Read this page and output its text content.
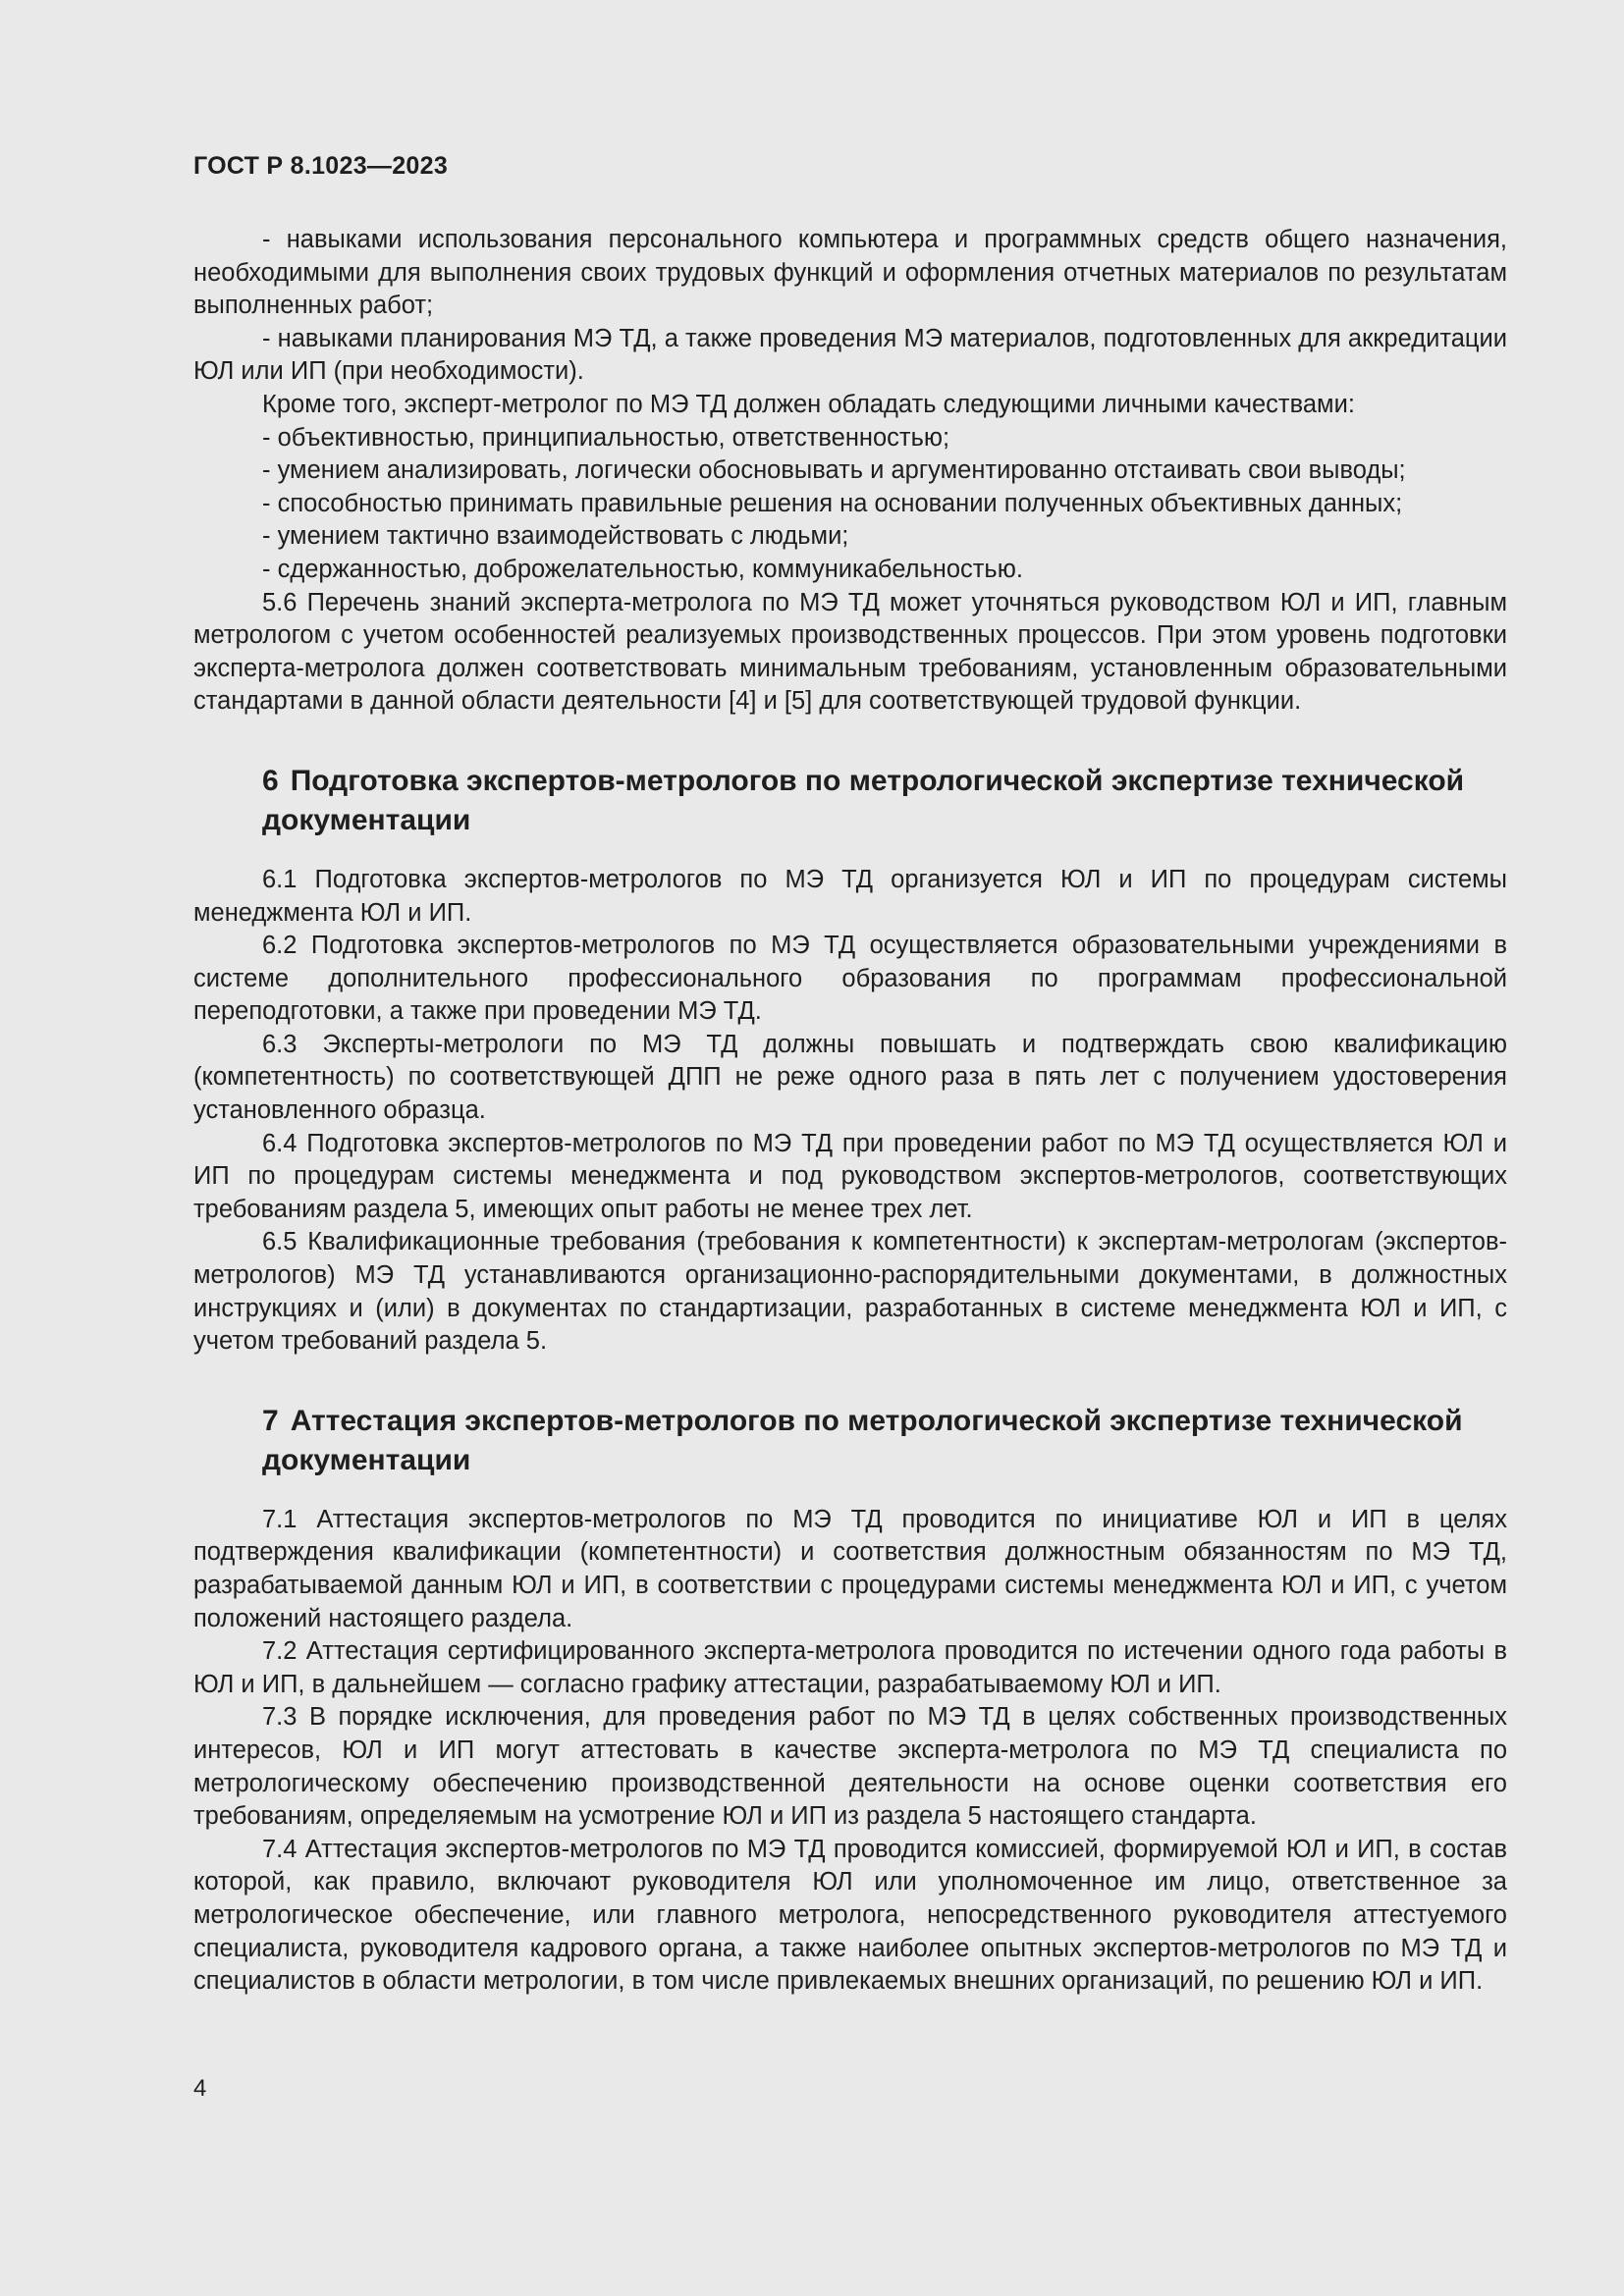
ГОСТ Р 8.1023—2023

- навыками использования персонального компьютера и программных средств общего назначения, необходимыми для выполнения своих трудовых функций и оформления отчетных материалов по результатам выполненных работ;

- навыками планирования МЭ ТД, а также проведения МЭ материалов, подготовленных для аккредитации ЮЛ или ИП (при необходимости).

Кроме того, эксперт-метролог по МЭ ТД должен обладать следующими личными качествами:

- объективностью, принципиальностью, ответственностью;

- умением анализировать, логически обосновывать и аргументированно отстаивать свои выводы;

- способностью принимать правильные решения на основании полученных объективных данных;

- умением тактично взаимодействовать с людьми;

- сдержанностью, доброжелательностью, коммуникабельностью.

5.6 Перечень знаний эксперта-метролога по МЭ ТД может уточняться руководством ЮЛ и ИП, главным метрологом с учетом особенностей реализуемых производственных процессов. При этом уровень подготовки эксперта-метролога должен соответствовать минимальным требованиям, установленным образовательными стандартами в данной области деятельности [4] и [5] для соответствующей трудовой функции.

6 Подготовка экспертов-метрологов по метрологической экспертизе технической документации

6.1 Подготовка экспертов-метрологов по МЭ ТД организуется ЮЛ и ИП по процедурам системы менеджмента ЮЛ и ИП.

6.2 Подготовка экспертов-метрологов по МЭ ТД осуществляется образовательными учреждениями в системе дополнительного профессионального образования по программам профессиональной переподготовки, а также при проведении МЭ ТД.

6.3 Эксперты-метрологи по МЭ ТД должны повышать и подтверждать свою квалификацию (компетентность) по соответствующей ДПП не реже одного раза в пять лет с получением удостоверения установленного образца.

6.4 Подготовка экспертов-метрологов по МЭ ТД при проведении работ по МЭ ТД осуществляется ЮЛ и ИП по процедурам системы менеджмента и под руководством экспертов-метрологов, соответствующих требованиям раздела 5, имеющих опыт работы не менее трех лет.

6.5 Квалификационные требования (требования к компетентности) к экспертам-метрологам (экспертов-метрологов) МЭ ТД устанавливаются организационно-распорядительными документами, в должностных инструкциях и (или) в документах по стандартизации, разработанных в системе менеджмента ЮЛ и ИП, с учетом требований раздела 5.

7 Аттестация экспертов-метрологов по метрологической экспертизе технической документации

7.1 Аттестация экспертов-метрологов по МЭ ТД проводится по инициативе ЮЛ и ИП в целях подтверждения квалификации (компетентности) и соответствия должностным обязанностям по МЭ ТД, разрабатываемой данным ЮЛ и ИП, в соответствии с процедурами системы менеджмента ЮЛ и ИП, с учетом положений настоящего раздела.

7.2 Аттестация сертифицированного эксперта-метролога проводится по истечении одного года работы в ЮЛ и ИП, в дальнейшем — согласно графику аттестации, разрабатываемому ЮЛ и ИП.

7.3 В порядке исключения, для проведения работ по МЭ ТД в целях собственных производственных интересов, ЮЛ и ИП могут аттестовать в качестве эксперта-метролога по МЭ ТД специалиста по метрологическому обеспечению производственной деятельности на основе оценки соответствия его требованиям, определяемым на усмотрение ЮЛ и ИП из раздела 5 настоящего стандарта.

7.4 Аттестация экспертов-метрологов по МЭ ТД проводится комиссией, формируемой ЮЛ и ИП, в состав которой, как правило, включают руководителя ЮЛ или уполномоченное им лицо, ответственное за метрологическое обеспечение, или главного метролога, непосредственного руководителя аттестуемого специалиста, руководителя кадрового органа, а также наиболее опытных экспертов-метрологов по МЭ ТД и специалистов в области метрологии, в том числе привлекаемых внешних организаций, по решению ЮЛ и ИП.

4
